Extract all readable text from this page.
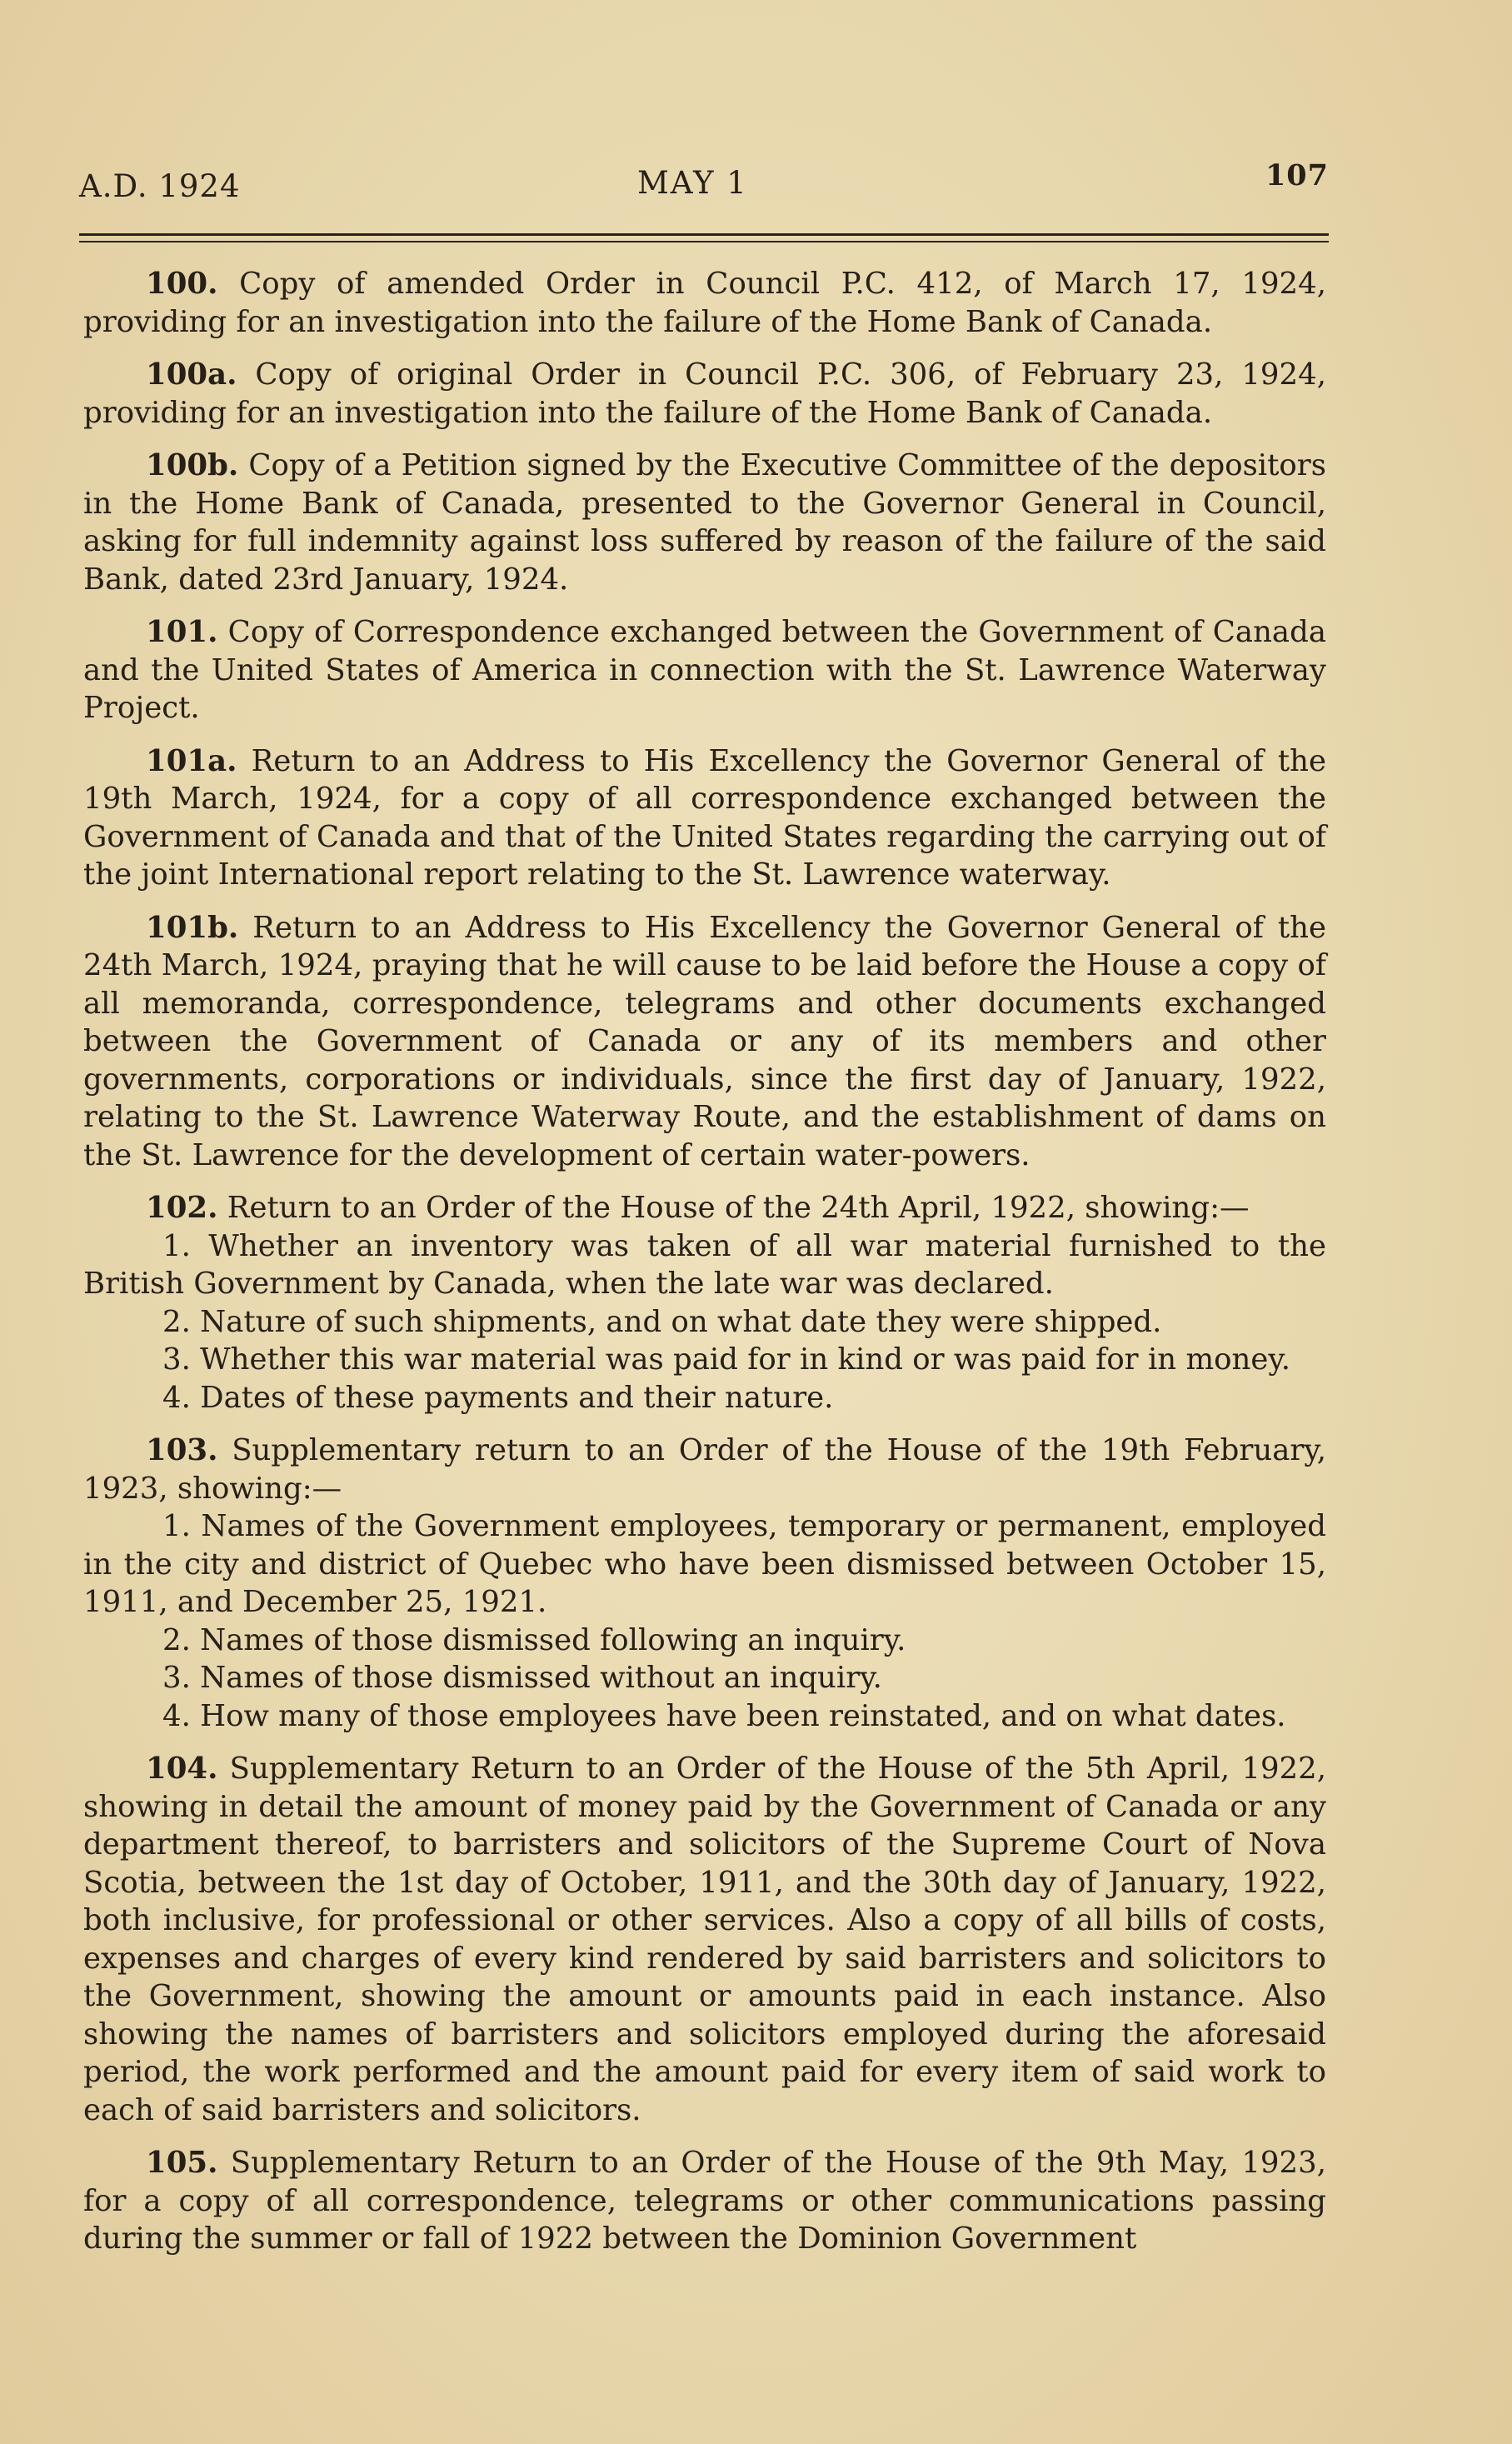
A.D. 1924	MAY 1	107

100. Copy of amended Order in Council P.C. 412, of March 17, 1924, providing for an investigation into the failure of the Home Bank of Canada.

100a. Copy of original Order in Council P.C. 306, of February 23, 1924, providing for an investigation into the failure of the Home Bank of Canada.

100b. Copy of a Petition signed by the Executive Committee of the depositors in the Home Bank of Canada, presented to the Governor General in Council, asking for full indemnity against loss suffered by reason of the failure of the said Bank, dated 23rd January, 1924.

101. Copy of Correspondence exchanged between the Government of Canada and the United States of America in connection with the St. Lawrence Waterway Project.

101a. Return to an Address to His Excellency the Governor General of the 19th March, 1924, for a copy of all correspondence exchanged between the Government of Canada and that of the United States regarding the carrying out of the joint International report relating to the St. Lawrence waterway.

101b. Return to an Address to His Excellency the Governor General of the 24th March, 1924, praying that he will cause to be laid before the House a copy of all memoranda, correspondence, telegrams and other documents exchanged between the Government of Canada or any of its members and other governments, corporations or individuals, since the first day of January, 1922, relating to the St. Lawrence Waterway Route, and the establishment of dams on the St. Lawrence for the development of certain water-powers.

102. Return to an Order of the House of the 24th April, 1922, showing:—

1. Whether an inventory was taken of all war material furnished to the British Government by Canada, when the late war was declared.

2. Nature of such shipments, and on what date they were shipped.

3. Whether this war material was paid for in kind or was paid for in money.

4. Dates of these payments and their nature.

103. Supplementary return to an Order of the House of the 19th February, 1923, showing:—

1. Names of the Government employees, temporary or permanent, employed in the city and district of Quebec who have been dismissed between October 15, 1911, and December 25, 1921.

2. Names of those dismissed following an inquiry.

3. Names of those dismissed without an inquiry.

4. How many of those employees have been reinstated, and on what dates.

104. Supplementary Return to an Order of the House of the 5th April, 1922, showing in detail the amount of money paid by the Government of Canada or any department thereof, to barristers and solicitors of the Supreme Court of Nova Scotia, between the 1st day of October, 1911, and the 30th day of January, 1922, both inclusive, for professional or other services. Also a copy of all bills of costs, expenses and charges of every kind rendered by said barristers and solicitors to the Government, showing the amount or amounts paid in each instance. Also showing the names of barristers and solicitors employed during the aforesaid period, the work performed and the amount paid for every item of said work to each of said barristers and solicitors.

105. Supplementary Return to an Order of the House of the 9th May, 1923, for a copy of all correspondence, telegrams or other communications passing during the summer or fall of 1922 between the Dominion Government
